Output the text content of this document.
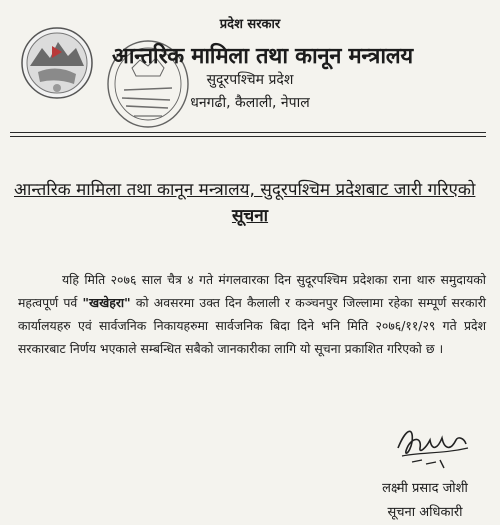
प्रदेश सरकार
आन्तरिक मामिला तथा कानून मन्त्रालय
सुदूरपश्चिम प्रदेश
धनगढी, कैलाली, नेपाल
आन्तरिक मामिला तथा कानून मन्त्रालय, सुदूरपश्चिम प्रदेशबाट जारी गरिएको
सूचना
यहि मिति २०७६ साल चैत्र ४ गते मंगलवारका दिन सुदूरपश्चिम प्रदेशका राना थारु समुदायको महत्वपूर्ण पर्व "खखेहरा" को अवसरमा उक्त दिन कैलाली र कञ्चनपुर जिल्लामा रहेका सम्पूर्ण सरकारी कार्यालयहरु एवं सार्वजनिक निकायहरुमा सार्वजनिक बिदा दिने भनि मिति २०७६/११/२९ गते प्रदेश सरकारबाट निर्णय भएकाले सम्बन्धित सबैको जानकारीका लागि यो सूचना प्रकाशित गरिएको छ ।
लक्ष्मी प्रसाद जोशी
सूचना अधिकारी
